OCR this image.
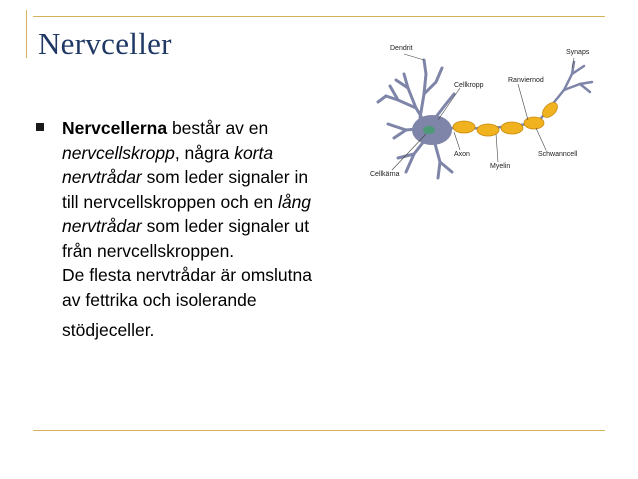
Nervceller
Nervcellerna består av en
nervcellskropp, några korta
nervtrådar som leder signaler in
till nervcellskroppen och en lång
nervtrådar som leder signaler ut
från nervcellskroppen.
De flesta nervtrådar är omslutna
av fettrika och isolerande
stödjeceller.
Dendrit
Cellkropp
Ranviernod
Synaps
Axon
Myelin
Schwanncell
Cellkärna
